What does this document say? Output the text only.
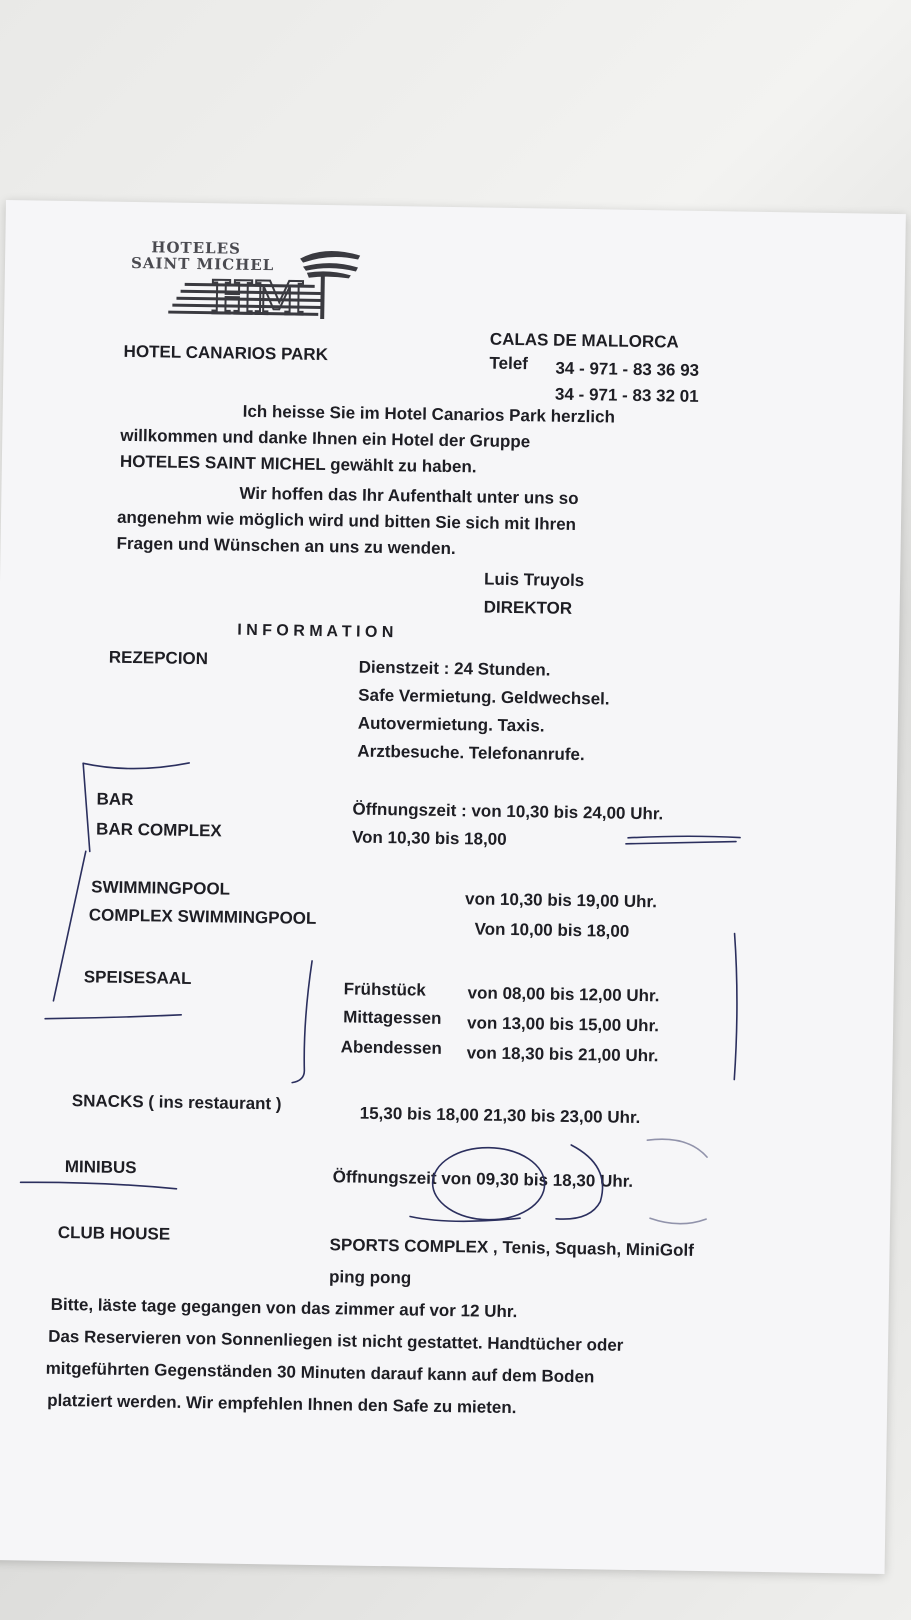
HM
HOTELES
SAINT MICHEL
HOTEL CANARIOS PARK
CALAS DE MALLORCA
Telef 34 - 971 - 83 36 93
34 - 971 - 83 32 01
Ich heisse Sie im Hotel Canarios Park herzlich
willkommen und danke Ihnen ein Hotel der Gruppe
HOTELES SAINT MICHEL gewählt zu haben.
Wir hoffen das Ihr Aufenthalt unter uns so
angenehm wie möglich wird und bitten Sie sich mit Ihren
Fragen und Wünschen an uns zu wenden.
Luis Truyols
DIREKTOR
I N F O R M A T I O N
REZEPCION	Dienstzeit : 24 Stunden.
Safe Vermietung. Geldwechsel.
Autovermietung. Taxis.
Arztbesuche. Telefonanrufe.
BAR
Öffnungszeit : von 10,30 bis 24,00 Uhr.
BAR COMPLEX	Von 10,30 bis 18,00
SWIMMINGPOOL
von 10,30 bis 19,00 Uhr.
COMPLEX SWIMMINGPOOL
Von 10,00 bis 18,00
SPEISESAAL
Frühstück von 08,00 bis 12,00 Uhr.
Mittagessen von 13,00 bis 15,00 Uhr.
Abendessen von 18,30 bis 21,00 Uhr.
SNACKS ( ins restaurant )
15,30 bis 18,00 21,30 bis 23,00 Uhr.
MINIBUS
Öffnungszeit von 09,30 bis 18,30 Uhr.
CLUB HOUSE
SPORTS COMPLEX , Tenis, Squash, MiniGolf
ping pong
Bitte, läste tage gegangen von das zimmer auf vor 12 Uhr.
Das Reservieren von Sonnenliegen ist nicht gestattet. Handtücher oder
mitgeführten Gegenständen 30 Minuten darauf kann auf dem Boden
platziert werden. Wir empfehlen Ihnen den Safe zu mieten.
